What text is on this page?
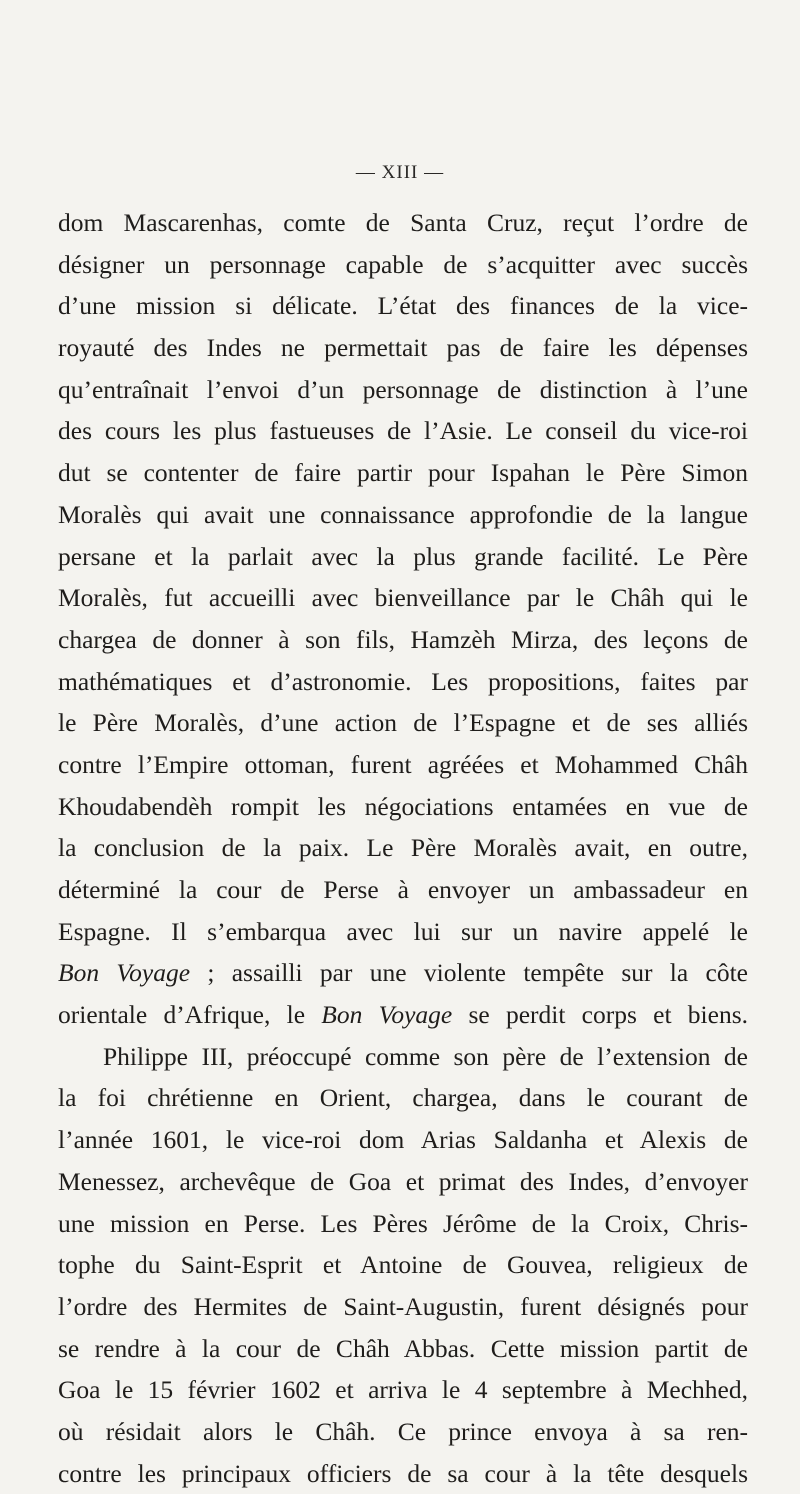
— XIII —
dom Mascarenhas, comte de Santa Cruz, reçut l’ordre de
désigner un personnage capable de s’acquitter avec succès
d’une mission si délicate. L’état des finances de la vice-
royauté des Indes ne permettait pas de faire les dépenses
qu’entraînait l’envoi d’un personnage de distinction à l’une
des cours les plus fastueuses de l’Asie. Le conseil du vice-roi
dut se contenter de faire partir pour Ispahan le Père Simon
Moralès qui avait une connaissance approfondie de la langue
persane et la parlait avec la plus grande facilité. Le Père
Moralès, fut accueilli avec bienveillance par le Châh qui le
chargea de donner à son fils, Hamzèh Mirza, des leçons de
mathématiques et d’astronomie. Les propositions, faites par
le Père Moralès, d’une action de l’Espagne et de ses alliés
contre l’Empire ottoman, furent agréées et Mohammed Châh
Khoudabendèh rompit les négociations entamées en vue de
la conclusion de la paix. Le Père Moralès avait, en outre,
déterminé la cour de Perse à envoyer un ambassadeur en
Espagne. Il s’embarqua avec lui sur un navire appelé le
Bon Voyage ; assailli par une violente tempête sur la côte
orientale d’Afrique, le Bon Voyage se perdit corps et biens.
Philippe III, préoccupé comme son père de l’extension de
la foi chrétienne en Orient, chargea, dans le courant de
l’année 1601, le vice-roi dom Arias Saldanha et Alexis de
Menessez, archevêque de Goa et primat des Indes, d’envoyer
une mission en Perse. Les Pères Jérôme de la Croix, Chris-
tophe du Saint-Esprit et Antoine de Gouvea, religieux de
l’ordre des Hermites de Saint-Augustin, furent désignés pour
se rendre à la cour de Châh Abbas. Cette mission partit de
Goa le 15 février 1602 et arriva le 4 septembre à Mechhed,
où résidait alors le Châh. Ce prince envoya à sa ren-
contre les principaux officiers de sa cour à la tête desquels
